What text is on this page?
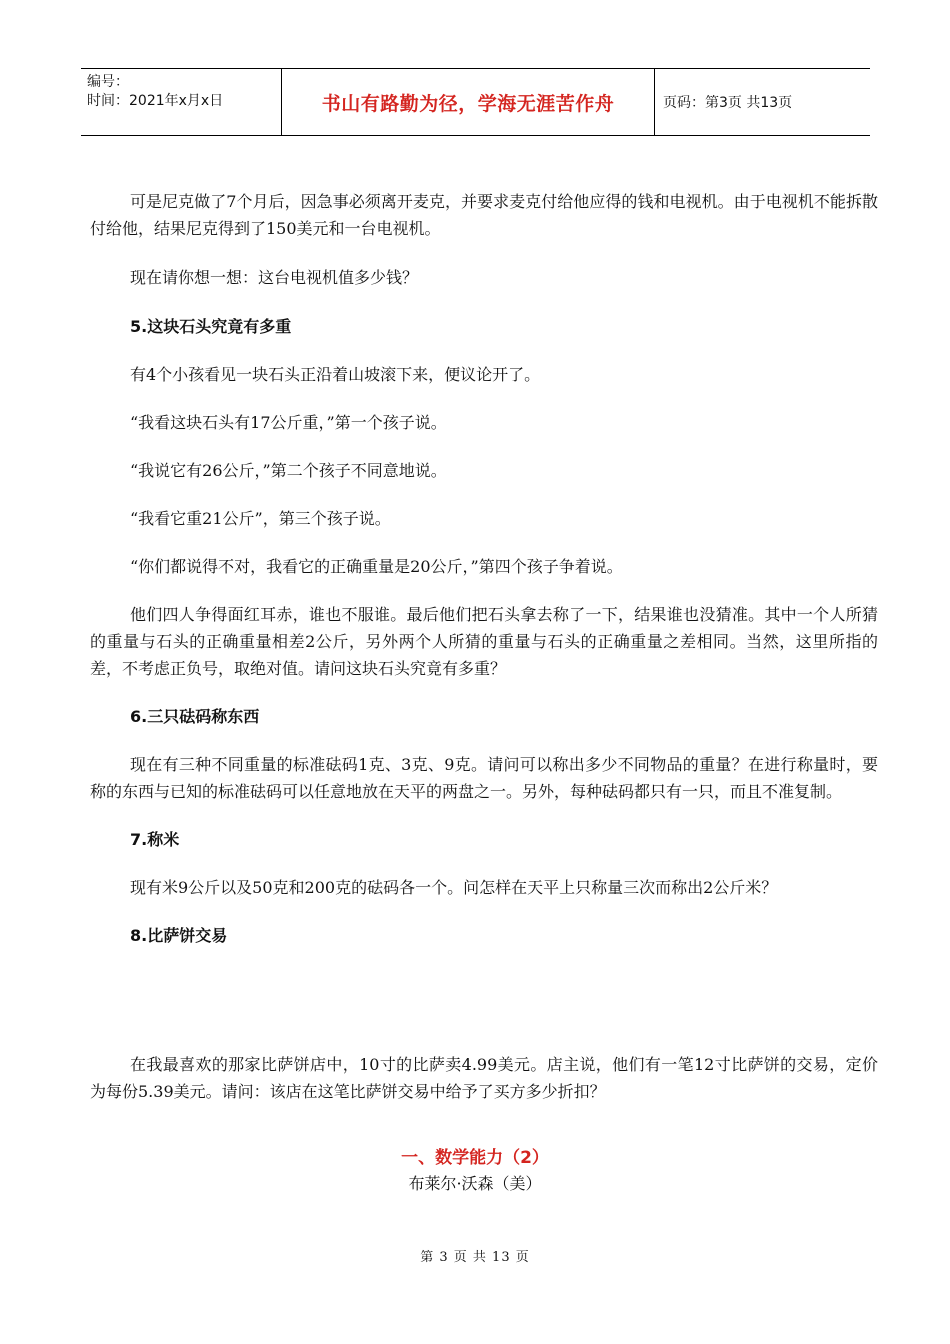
编号：
时间：2021年x月x日	书山有路勤为径，学海无涯苦作舟	页码：第3页 共13页

可是尼克做了7个月后，因急事必须离开麦克，并要求麦克付给他应得的钱和电视机。由于电视机不能拆散付给他，结果尼克得到了150美元和一台电视机。

现在请你想一想：这台电视机值多少钱？

5.这块石头究竟有多重

有4个小孩看见一块石头正沿着山坡滚下来，便议论开了。

“我看这块石头有17公斤重，”第一个孩子说。

“我说它有26公斤，”第二个孩子不同意地说。

“我看它重21公斤”，第三个孩子说。

“你们都说得不对，我看它的正确重量是20公斤，”第四个孩子争着说。

他们四人争得面红耳赤，谁也不服谁。最后他们把石头拿去称了一下，结果谁也没猜准。其中一个人所猜的重量与石头的正确重量相差2公斤，另外两个人所猜的重量与石头的正确重量之差相同。当然，这里所指的差，不考虑正负号，取绝对值。请问这块石头究竟有多重？

6.三只砝码称东西

现在有三种不同重量的标准砝码1克、3克、9克。请问可以称出多少不同物品的重量？在进行称量时，要称的东西与已知的标准砝码可以任意地放在天平的两盘之一。另外，每种砝码都只有一只，而且不准复制。

7.称米

现有米9公斤以及50克和200克的砝码各一个。问怎样在天平上只称量三次而称出2公斤米？

8.比萨饼交易

在我最喜欢的那家比萨饼店中，10寸的比萨卖4.99美元。店主说，他们有一笔12寸比萨饼的交易，定价为每份5.39美元。请问：该店在这笔比萨饼交易中给予了买方多少折扣？

一、数学能力（2）
布莱尔·沃森（美）
第 3 页 共 13 页
